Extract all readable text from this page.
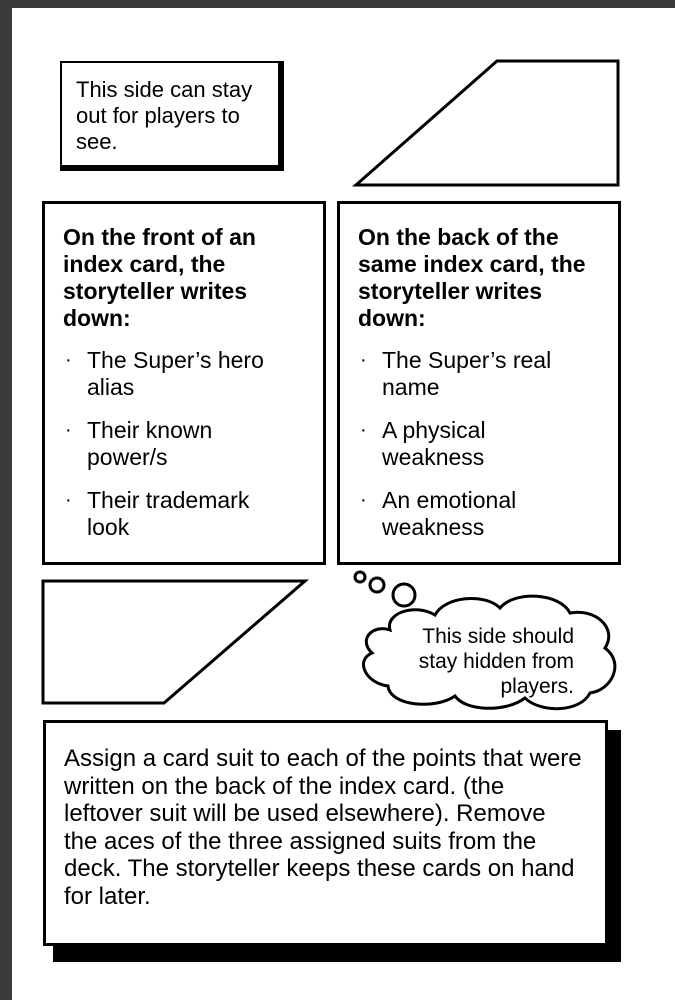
This side can stay out for players to see.
On the front of an index card, the storyteller writes down:
· The Super’s hero
alias
· Their known
power/s
· Their trademark
look
On the back of the same index card, the storyteller writes down:
· The Super’s real
name
· A physical
weakness
· An emotional
weakness
This side should
stay hidden from
players.
Assign a card suit to each of the points that were written on the back of the index card. (the leftover suit will be used elsewhere). Remove the aces of the three assigned suits from the deck. The storyteller keeps these cards on hand for later.
